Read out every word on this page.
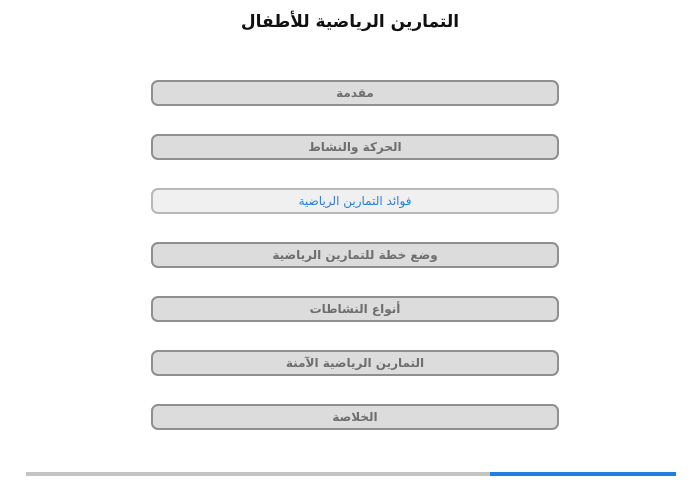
التمارين الرياضية للأطفال
مقدمة
الحركة والنشاط
فوائد التمارين الرياضية
وضع خطة للتمارين الرياضية
أنواع النشاطات
التمارين الرياضية الآمنة
الخلاصة
